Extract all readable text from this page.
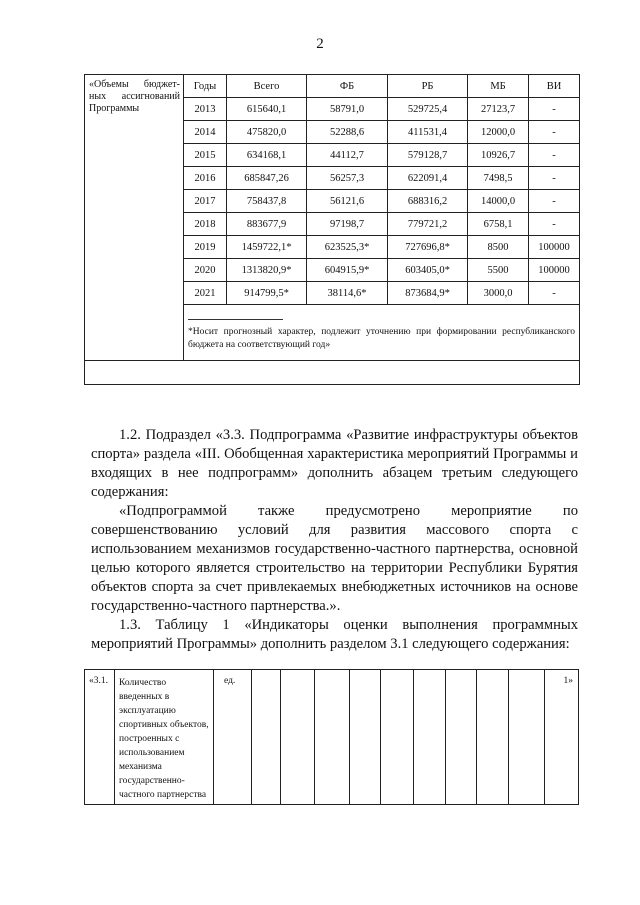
2
«Объемы бюджет-ных ассигнований Программы	Годы	Всего	ФБ	РБ	МБ	ВИ
	2013	615640,1	58791,0	529725,4	27123,7	-
	2014	475820,0	52288,6	411531,4	12000,0	-
	2015	634168,1	44112,7	579128,7	10926,7	-
	2016	685847,26	56257,3	622091,4	7498,5	-
	2017	758437,8	56121,6	688316,2	14000,0	-
	2018	883677,9	97198,7	779721,2	6758,1	-
	2019	1459722,1*	623525,3*	727696,8*	8500	100000
	2020	1313820,9*	604915,9*	603405,0*	5500	100000
	2021	914799,5*	38114,6*	873684,9*	3000,0	-

	*Носит прогнозный характер, подлежит уточнению при формировании республиканского бюджета на соответствующий год»					

1.2. Подраздел «3.3. Подпрограмма «Развитие инфраструктуры объектов спорта» раздела «III. Обобщенная характеристика мероприятий Программы и входящих в нее подпрограмм» дополнить абзацем третьим следующего содержания:

«Подпрограммой также предусмотрено мероприятие по совершенствованию условий для развития массового спорта с использованием механизмов государственно-частного партнерства, основной целью которого является строительство на территории Республики Бурятия объектов спорта за счет привлекаемых внебюджетных источников на основе государственно-частного партнерства.».

1.3. Таблицу 1 «Индикаторы оценки выполнения программных мероприятий Программы» дополнить разделом 3.1 следующего содержания:

«3.1.	Количество введенных в эксплуатацию спортивных объектов, построенных с использованием механизма государственно-частного партнерства	ед.										1»
